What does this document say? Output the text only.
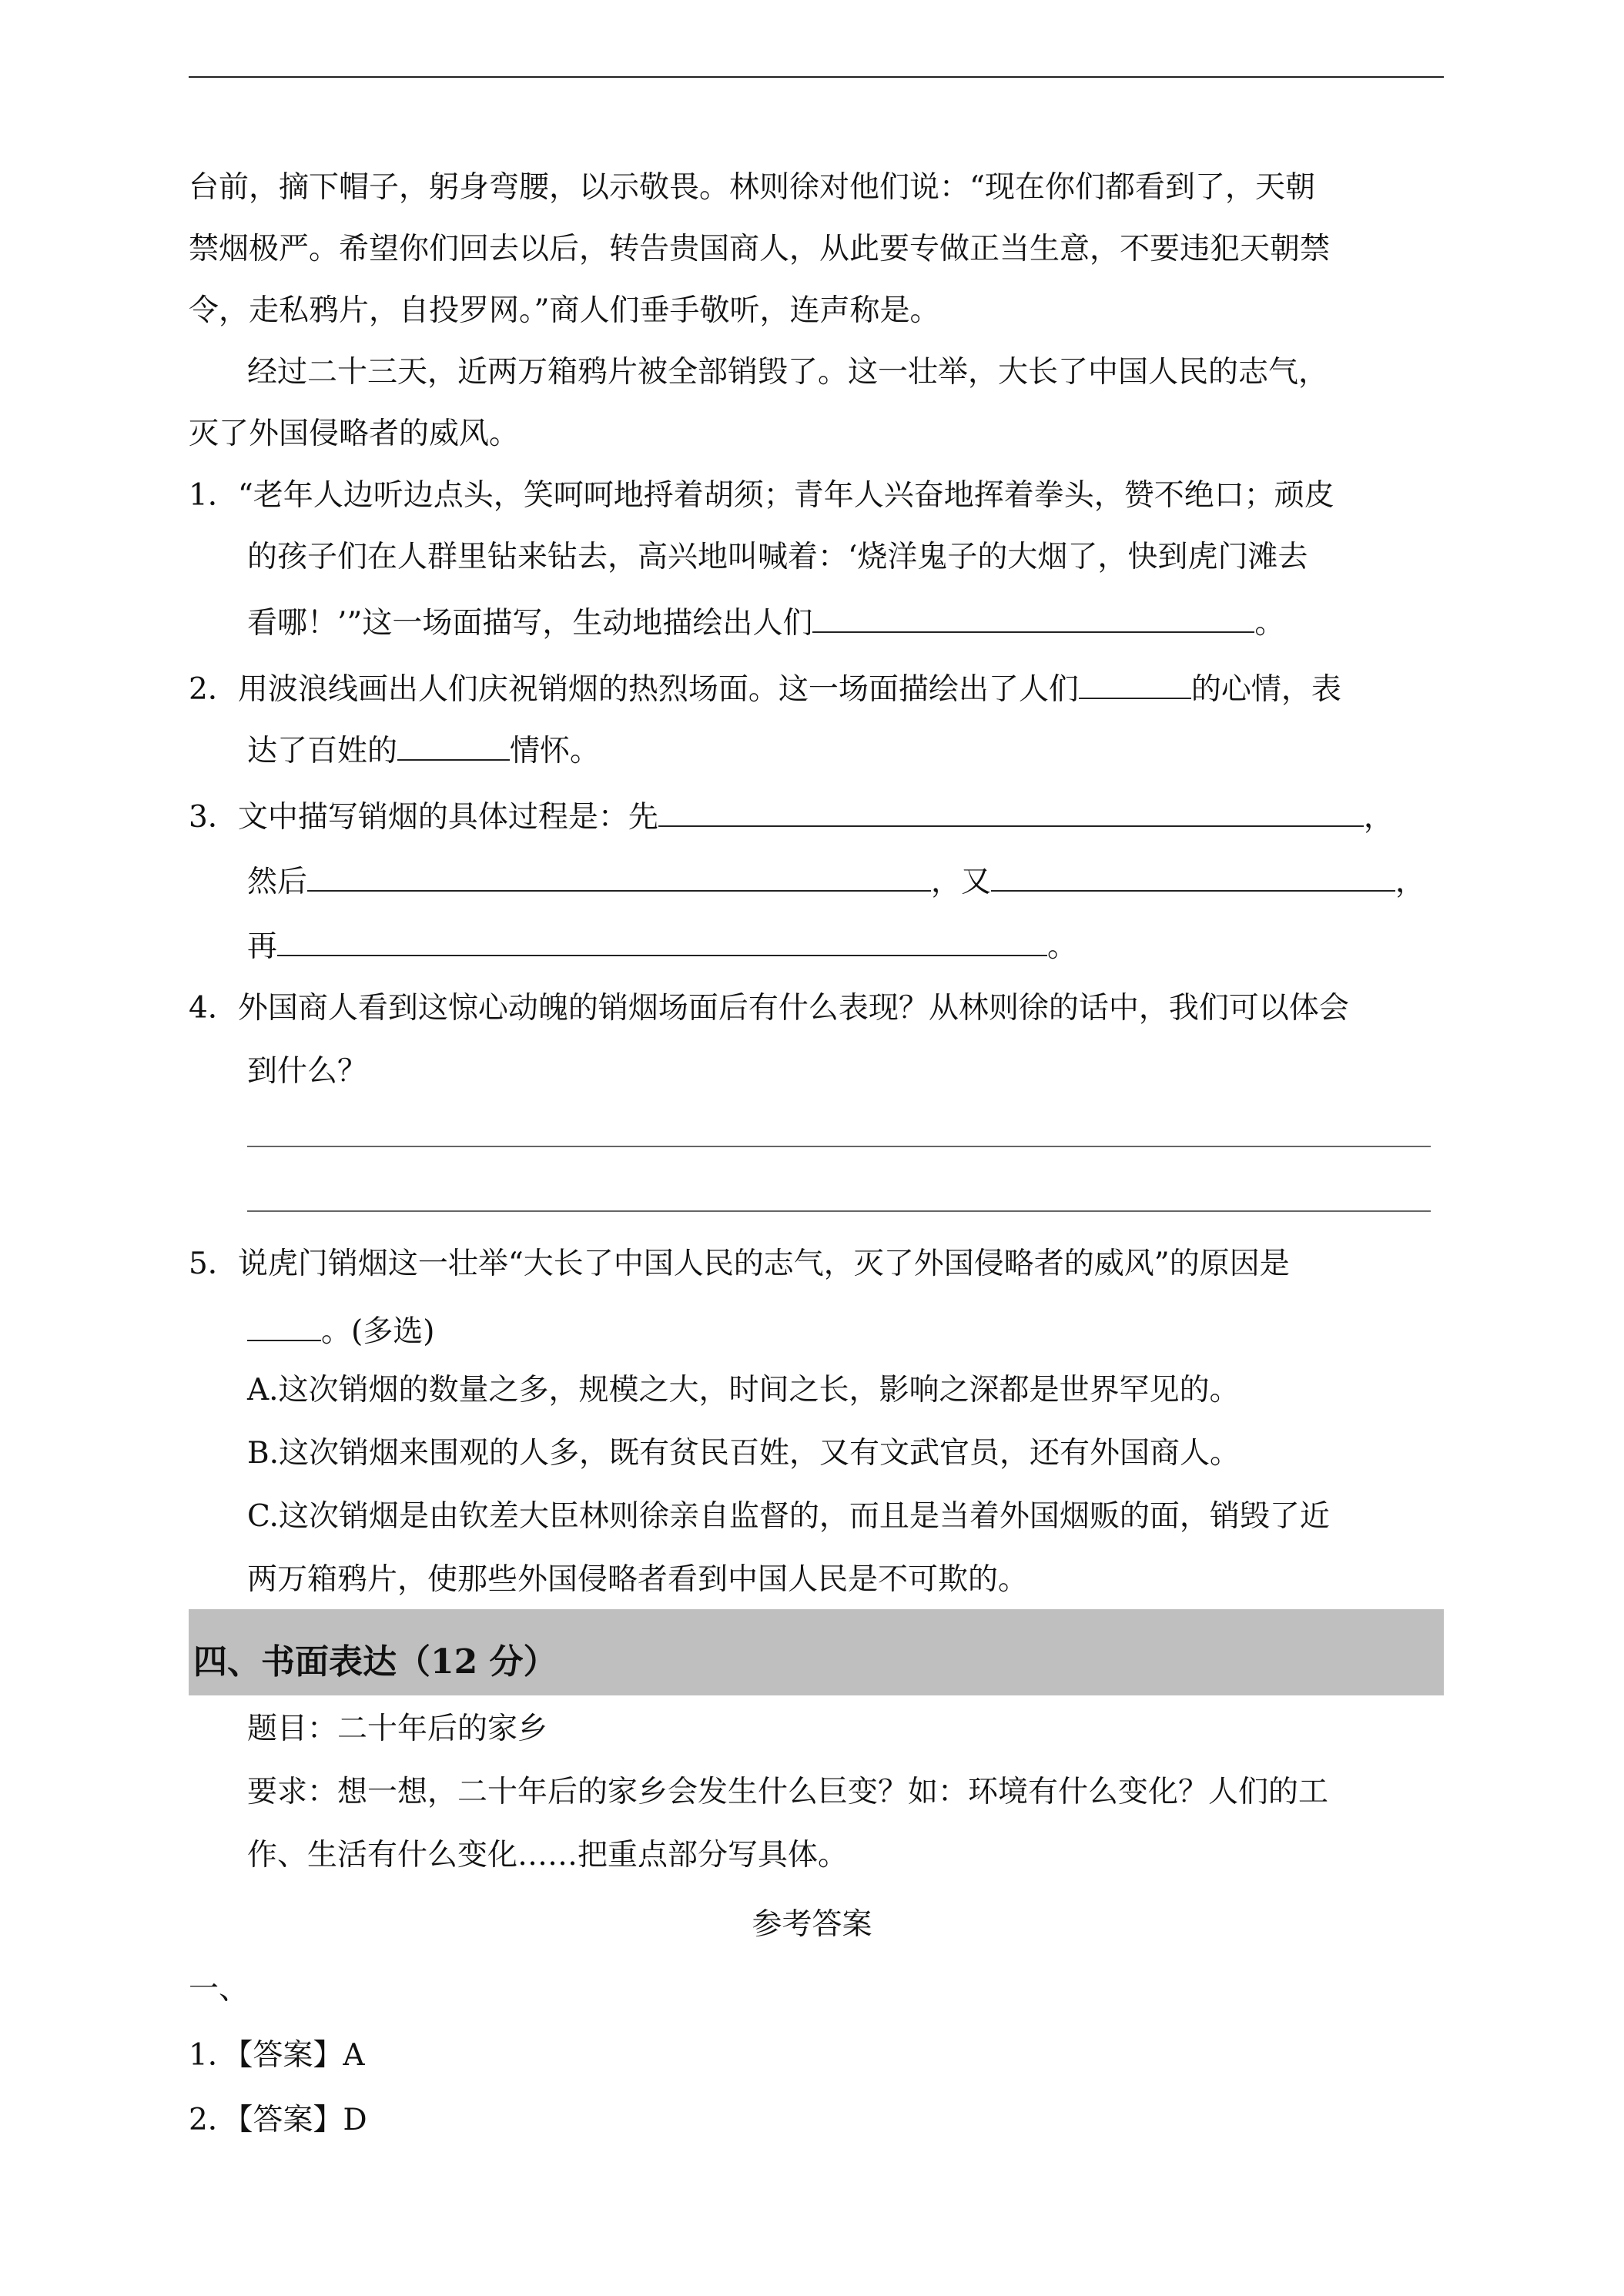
台前，摘下帽子，躬身弯腰，以示敬畏。林则徐对他们说：“现在你们都看到了，天朝
禁烟极严。希望你们回去以后，转告贵国商人，从此要专做正当生意，不要违犯天朝禁
令，走私鸦片，自投罗网。”商人们垂手敬听，连声称是。
经过二十三天，近两万箱鸦片被全部销毁了。这一壮举，大长了中国人民的志气，
灭了外国侵略者的威风。
1．“老年人边听边点头，笑呵呵地捋着胡须；青年人兴奋地挥着拳头，赞不绝口；顽皮
的孩子们在人群里钻来钻去，高兴地叫喊着：‘烧洋鬼子的大烟了，快到虎门滩去
看哪！’”这一场面描写，生动地描绘出人们	。
2．用波浪线画出人们庆祝销烟的热烈场面。这一场面描绘出了人们	的心情，表
达了百姓的	情怀。
3．文中描写销烟的具体过程是：先	，
然后	，又	，
再	。
4．外国商人看到这惊心动魄的销烟场面后有什么表现？从林则徐的话中，我们可以体会
到什么？
5．说虎门销烟这一壮举“大长了中国人民的志气，灭了外国侵略者的威风”的原因是
。(多选)
A.这次销烟的数量之多，规模之大，时间之长，影响之深都是世界罕见的。
B.这次销烟来围观的人多，既有贫民百姓，又有文武官员，还有外国商人。
C.这次销烟是由钦差大臣林则徐亲自监督的，而且是当着外国烟贩的面，销毁了近
两万箱鸦片，使那些外国侵略者看到中国人民是不可欺的。
四、书面表达（12 分）
题目：二十年后的家乡
要求：想一想，二十年后的家乡会发生什么巨变？如：环境有什么变化？人们的工
作、生活有什么变化……把重点部分写具体。
参考答案
一、
1．【答案】A
2．【答案】D
